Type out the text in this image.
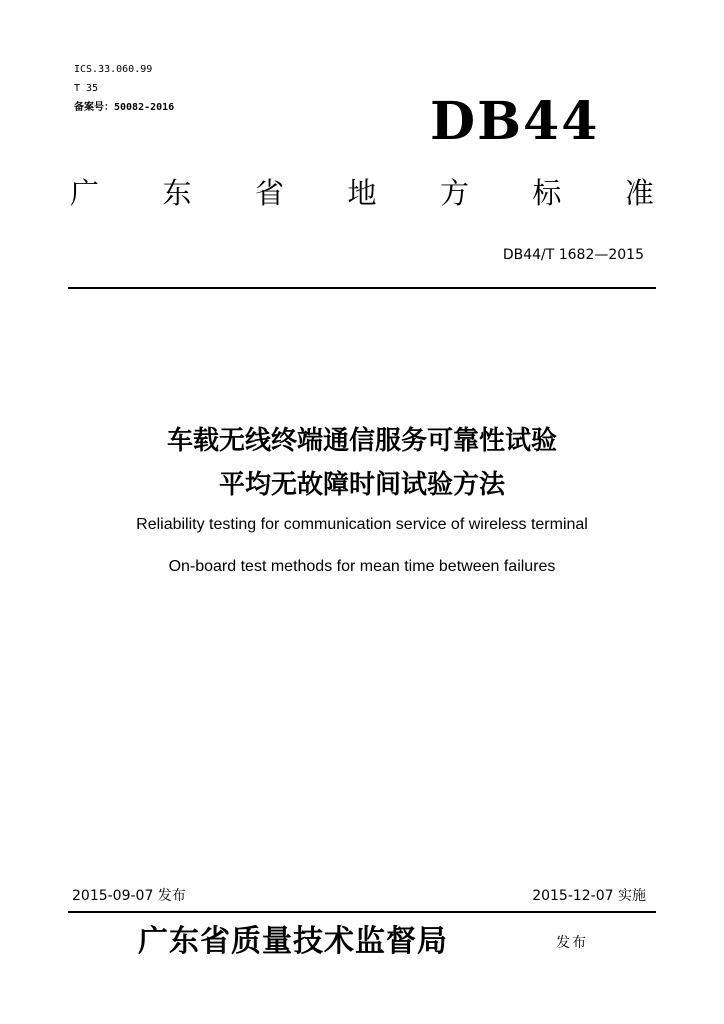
ICS.33.060.99
T 35
备案号：50082-2016	DB44
广 东 省 地 方 标 准
DB44/T 1682—2015
车载无线终端通信服务可靠性试验
平均无故障时间试验方法
Reliability testing for communication service of wireless terminal
On-board test methods for mean time between failures
2015-09-07 发布	2015-12-07 实施
广东省质量技术监督局	发布
